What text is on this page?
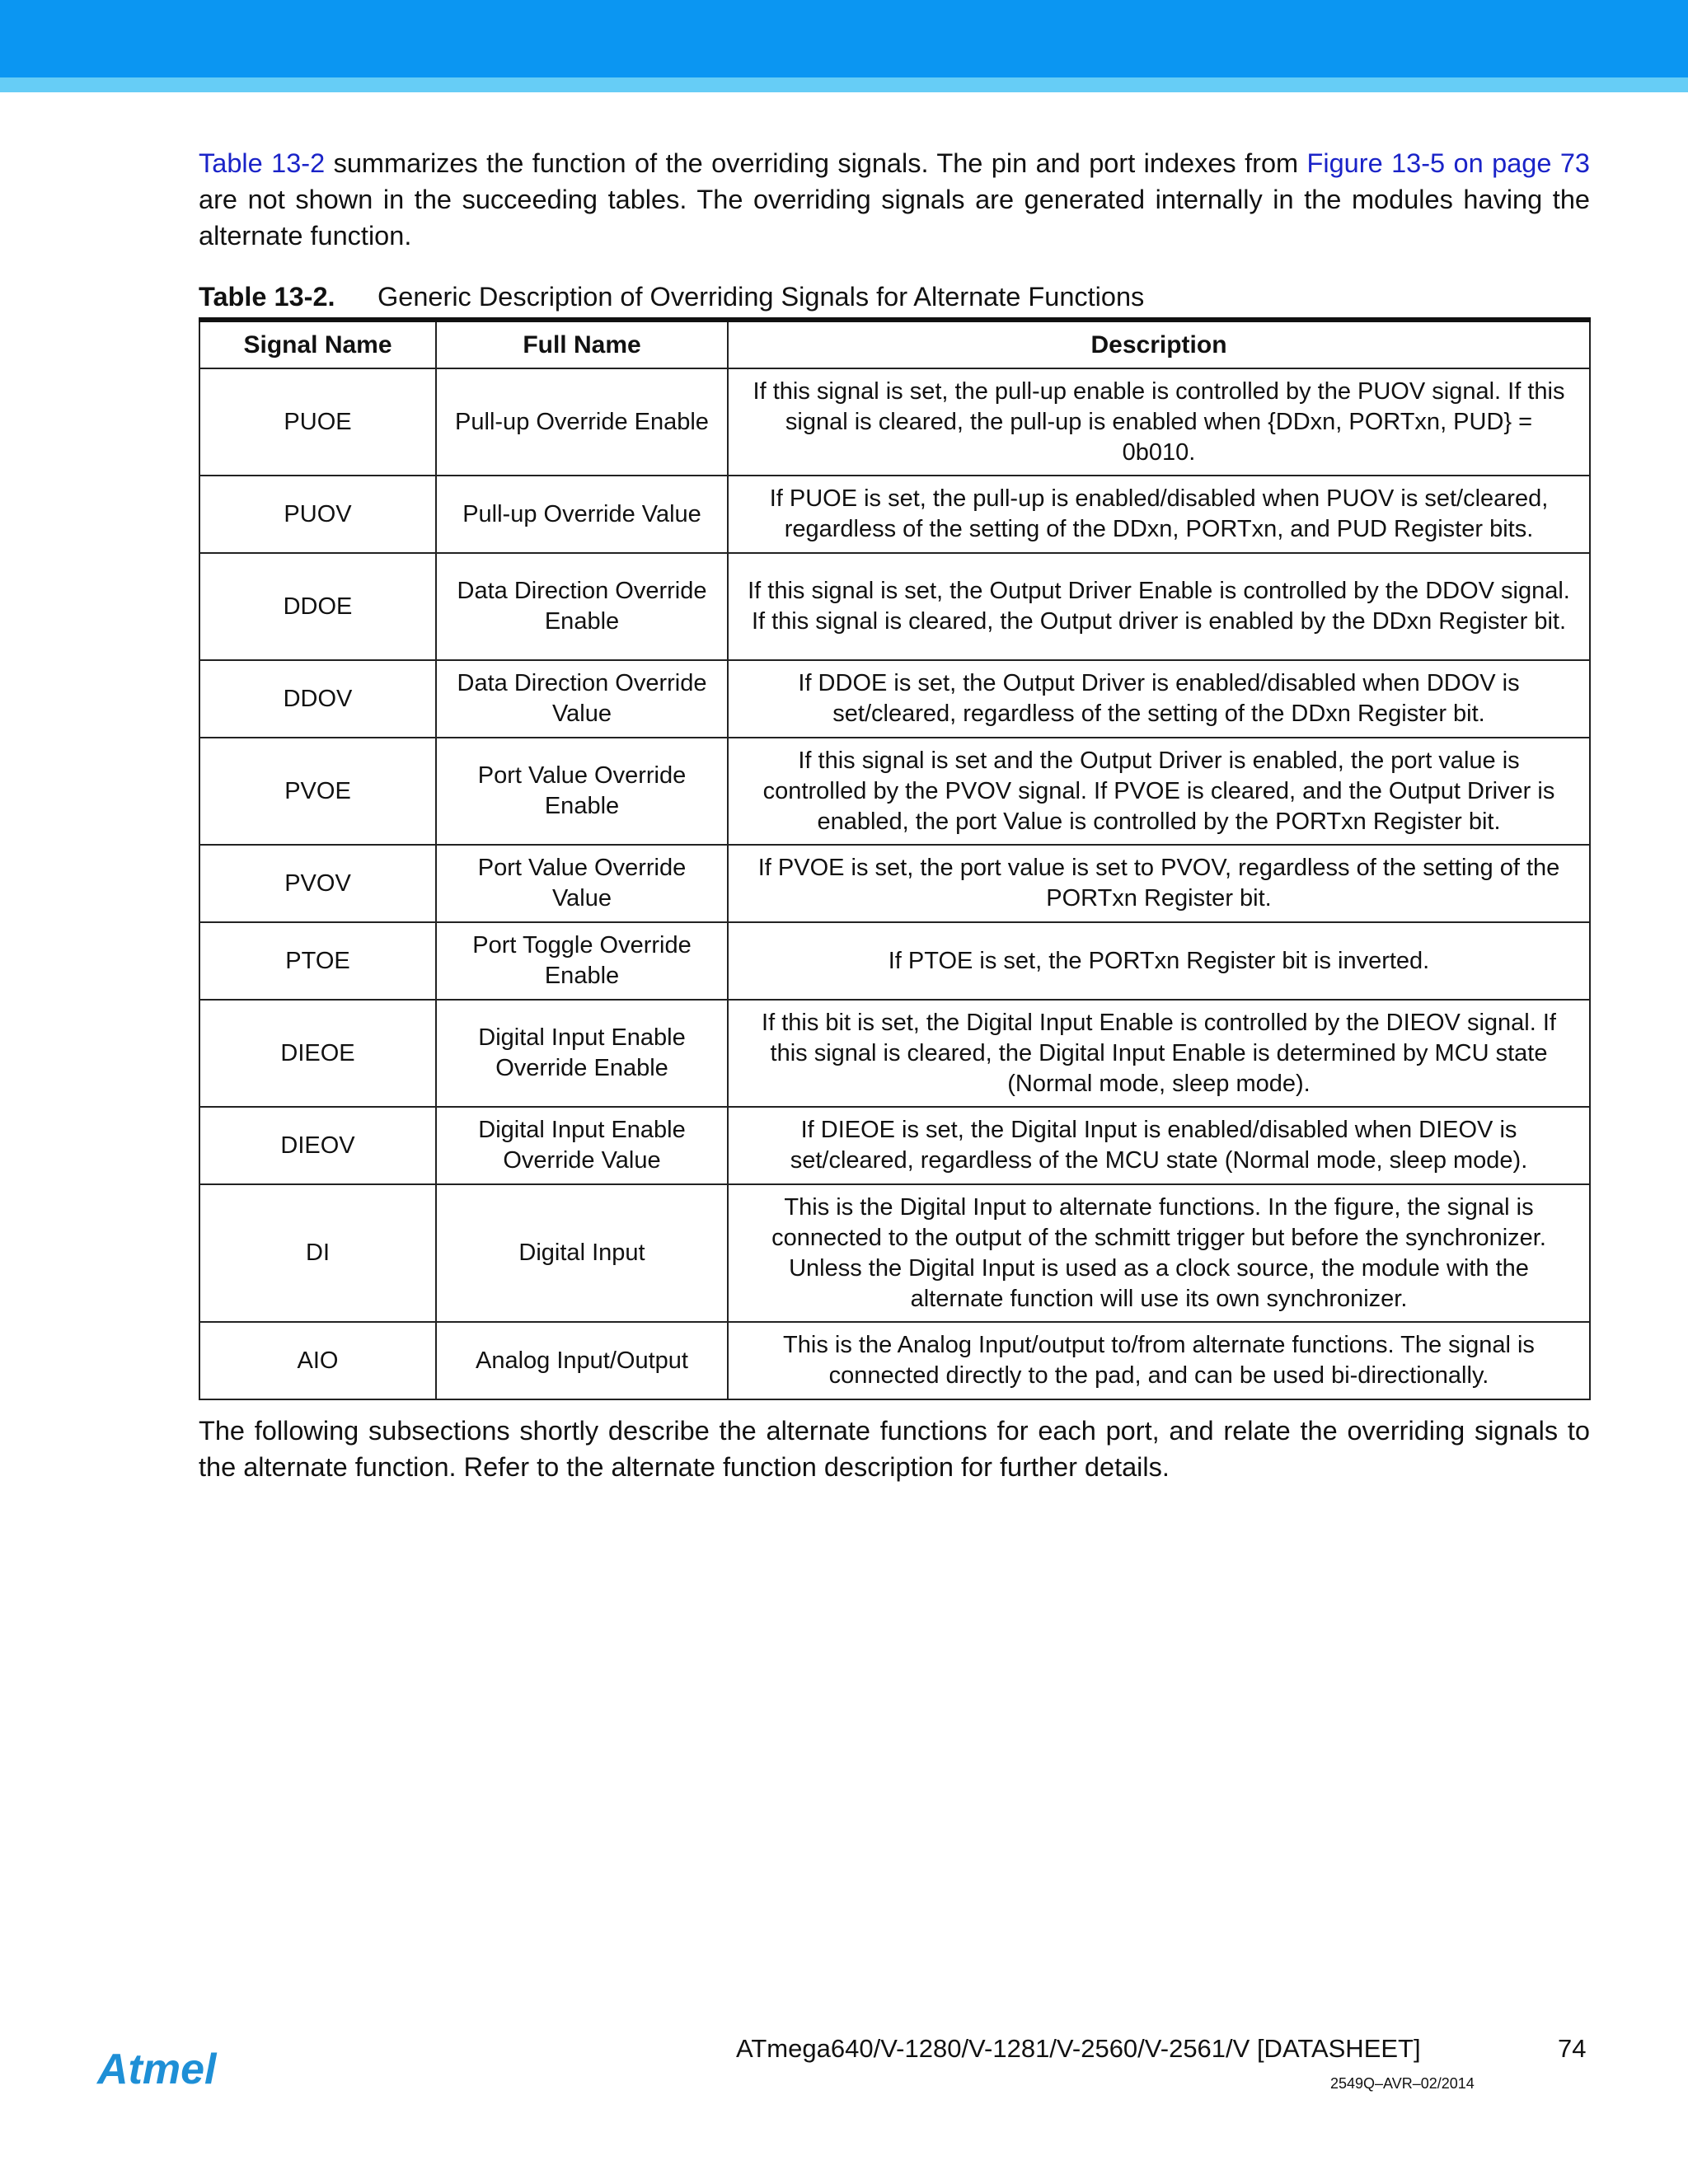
Table 13-2 summarizes the function of the overriding signals. The pin and port indexes from Figure 13-5 on page 73 are not shown in the succeeding tables. The overriding signals are generated internally in the modules having the alternate function.

Table 13-2. Generic Description of Overriding Signals for Alternate Functions

Signal Name	Full Name	Description
PUOE	Pull-up Override Enable	If this signal is set, the pull-up enable is controlled by the PUOV signal. If this signal is cleared, the pull-up is enabled when {DDxn, PORTxn, PUD} = 0b010.
PUOV	Pull-up Override Value	If PUOE is set, the pull-up is enabled/disabled when PUOV is set/cleared, regardless of the setting of the DDxn, PORTxn, and PUD Register bits.
DDOE	Data Direction Override Enable	If this signal is set, the Output Driver Enable is controlled by the DDOV signal. If this signal is cleared, the Output driver is enabled by the DDxn Register bit.
DDOV	Data Direction Override Value	If DDOE is set, the Output Driver is enabled/disabled when DDOV is set/cleared, regardless of the setting of the DDxn Register bit.
PVOE	Port Value Override Enable	If this signal is set and the Output Driver is enabled, the port value is controlled by the PVOV signal. If PVOE is cleared, and the Output Driver is enabled, the port Value is controlled by the PORTxn Register bit.
PVOV	Port Value Override Value	If PVOE is set, the port value is set to PVOV, regardless of the setting of the PORTxn Register bit.
PTOE	Port Toggle Override Enable	If PTOE is set, the PORTxn Register bit is inverted.
DIEOE	Digital Input Enable Override Enable	If this bit is set, the Digital Input Enable is controlled by the DIEOV signal. If this signal is cleared, the Digital Input Enable is determined by MCU state (Normal mode, sleep mode).
DIEOV	Digital Input Enable Override Value	If DIEOE is set, the Digital Input is enabled/disabled when DIEOV is set/cleared, regardless of the MCU state (Normal mode, sleep mode).
DI	Digital Input	This is the Digital Input to alternate functions. In the figure, the signal is connected to the output of the schmitt trigger but before the synchronizer. Unless the Digital Input is used as a clock source, the module with the alternate function will use its own synchronizer.
AIO	Analog Input/Output	This is the Analog Input/output to/from alternate functions. The signal is connected directly to the pad, and can be used bi-directionally.

The following subsections shortly describe the alternate functions for each port, and relate the overriding signals to the alternate function. Refer to the alternate function description for further details.

Atmel	ATmega640/V-1280/V-1281/V-2560/V-2561/V [DATASHEET]	74
2549Q–AVR–02/2014
